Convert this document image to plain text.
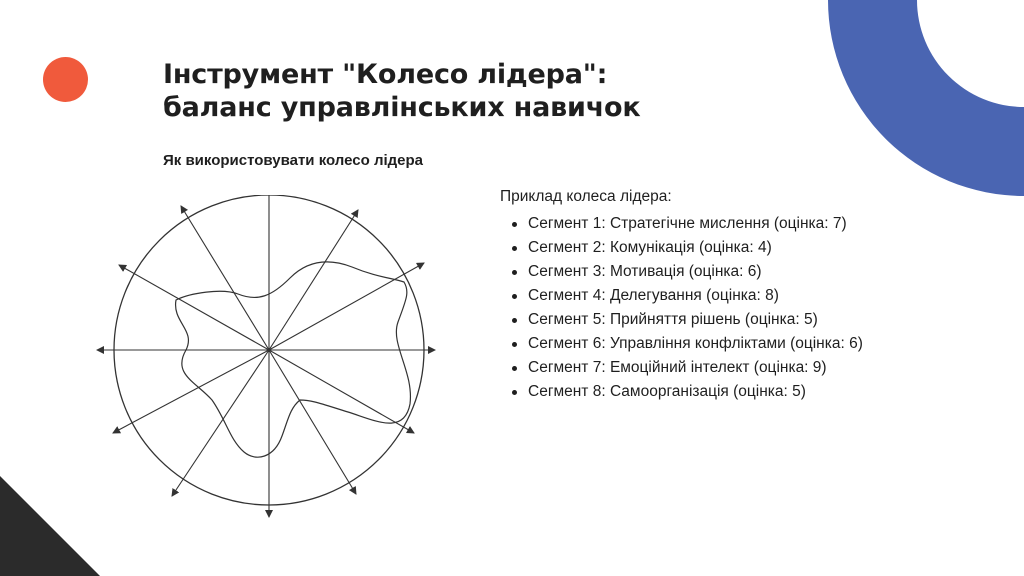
Інструмент "Колесо лідера":
баланс управлінських навичок
Як використовувати колесо лідера

Приклад колеса лідера:

Сегмент 1: Стратегічне мислення (оцінка: 7)
Сегмент 2: Комунікація (оцінка: 4)
Сегмент 3: Мотивація (оцінка: 6)
Сегмент 4: Делегування (оцінка: 8)
Сегмент 5: Прийняття рішень (оцінка: 5)
Сегмент 6: Управління конфліктами (оцінка: 6)
Сегмент 7: Емоційний інтелект (оцінка: 9)
Сегмент 8: Самоорганізація (оцінка: 5)
